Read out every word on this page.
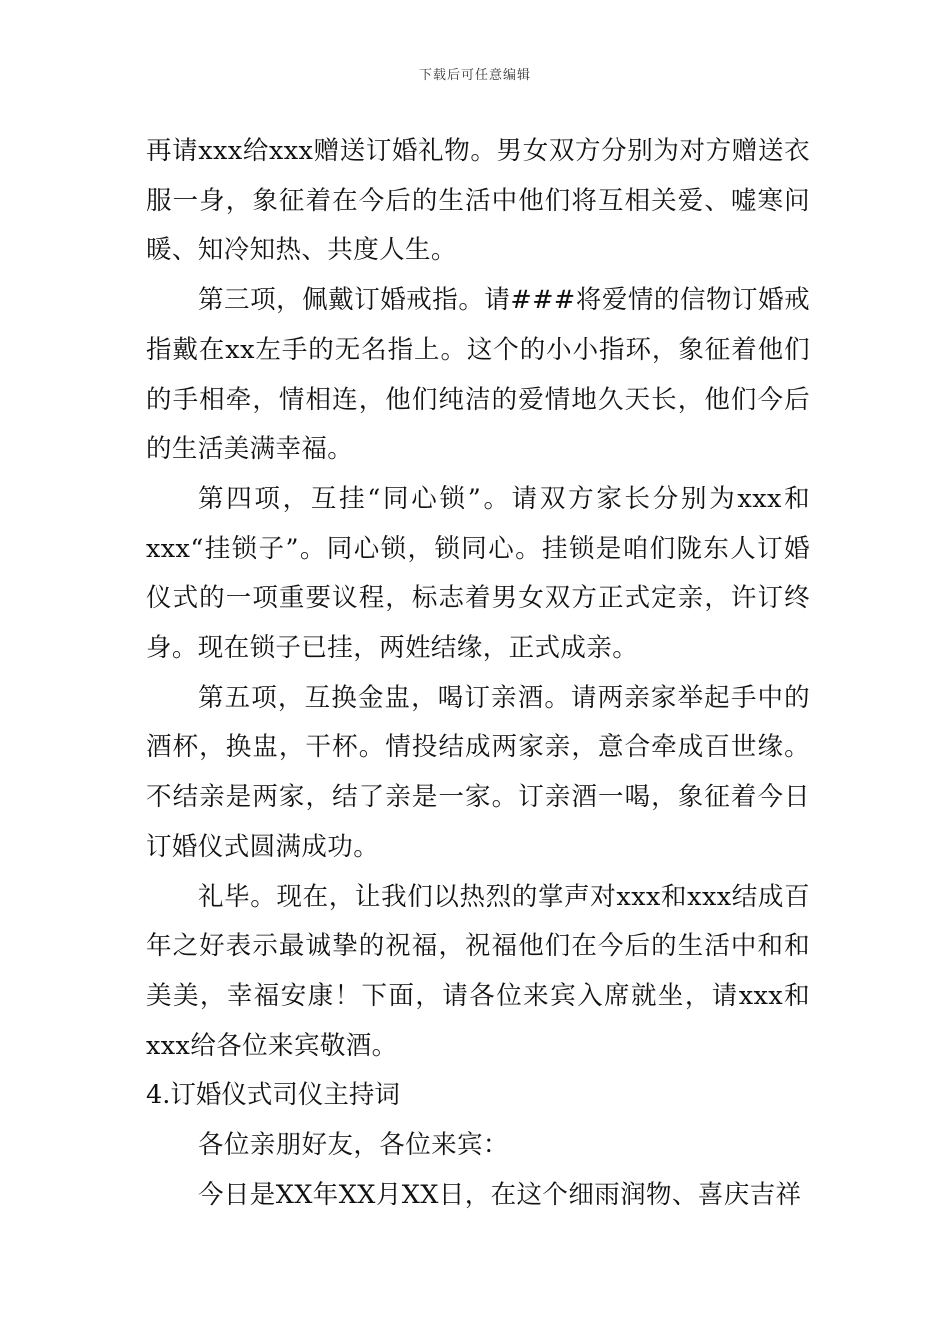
下载后可任意编辑

再请xxx给xxx赠送订婚礼物。男女双方分别为对方赠送衣服一身，象征着在今后的生活中他们将互相关爱、嘘寒问暖、知冷知热、共度人生。

第三项，佩戴订婚戒指。请###将爱情的信物订婚戒指戴在xx左手的无名指上。这个的小小指环，象征着他们的手相牵，情相连，他们纯洁的爱情地久天长，他们今后的生活美满幸福。

第四项，互挂“同心锁”。请双方家长分别为xxx和xxx“挂锁子”。同心锁，锁同心。挂锁是咱们陇东人订婚仪式的一项重要议程，标志着男女双方正式定亲，许订终身。现在锁子已挂，两姓结缘，正式成亲。

第五项，互换金盅，喝订亲酒。请两亲家举起手中的酒杯，换盅，干杯。情投结成两家亲，意合牵成百世缘。不结亲是两家，结了亲是一家。订亲酒一喝，象征着今日订婚仪式圆满成功。

礼毕。现在，让我们以热烈的掌声对xxx和xxx结成百年之好表示最诚挚的祝福，祝福他们在今后的生活中和和美美，幸福安康！下面，请各位来宾入席就坐，请xxx和xxx给各位来宾敬酒。

4.订婚仪式司仪主持词

各位亲朋好友，各位来宾：

今日是XX年XX月XX日，在这个细雨润物、喜庆吉祥
